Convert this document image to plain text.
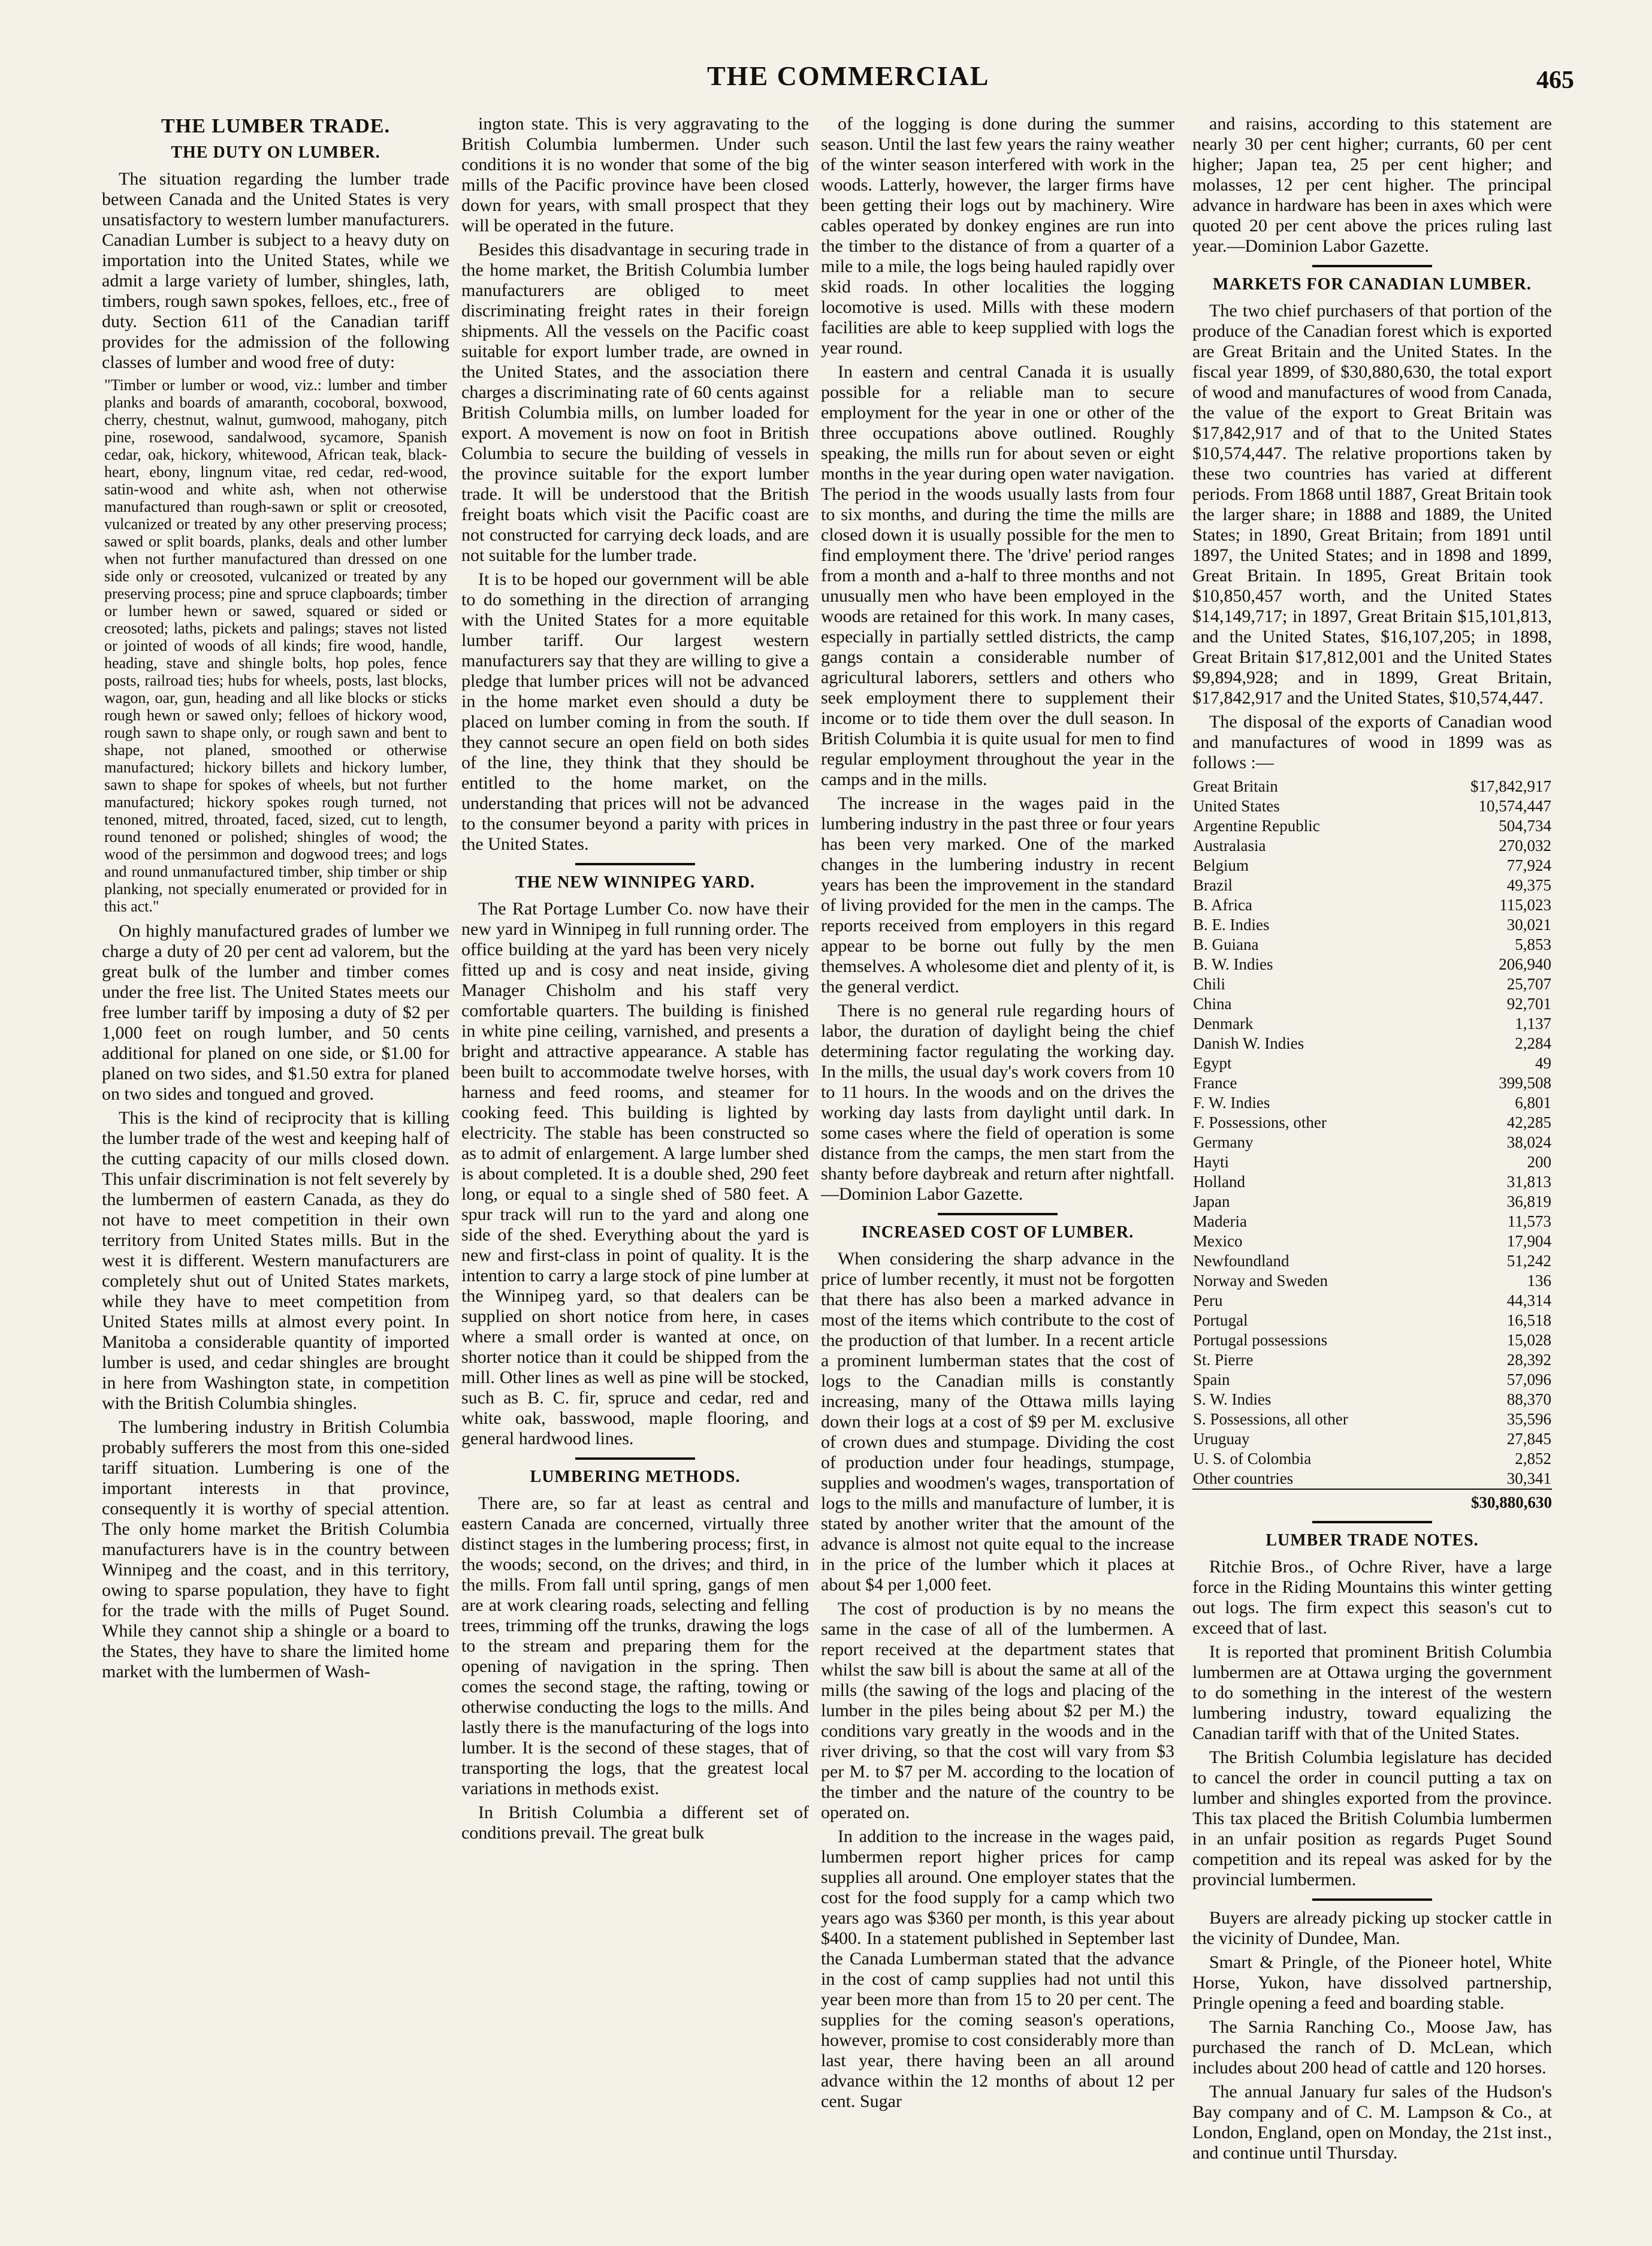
THE COMMERCIAL	465
THE LUMBER TRADE.
THE DUTY ON LUMBER.

The situation regarding the lumber trade between Canada and the United States is very unsatisfactory to western lumber manufacturers. Canadian Lumber is subject to a heavy duty on importation into the United States, while we admit a large variety of lumber, shingles, lath, timbers, rough sawn spokes, felloes, etc., free of duty. Section 611 of the Canadian tariff provides for the admission of the following classes of lumber and wood free of duty:

"Timber or lumber or wood, viz.: lumber and timber planks and boards of amaranth, cocoboral, boxwood, cherry, chestnut, walnut, gumwood, mahogany, pitch pine, rosewood, sandalwood, sycamore, Spanish cedar, oak, hickory, whitewood, African teak, black-heart, ebony, lingnum vitae, red cedar, red-wood, satin-wood and white ash, when not otherwise manufactured than rough-sawn or split or creosoted, vulcanized or treated by any other preserving process; sawed or split boards, planks, deals and other lumber when not further manufactured than dressed on one side only or creosoted, vulcanized or treated by any preserving process; pine and spruce clapboards; timber or lumber hewn or sawed, squared or sided or creosoted; laths, pickets and palings; staves not listed or jointed of woods of all kinds; fire wood, handle, heading, stave and shingle bolts, hop poles, fence posts, railroad ties; hubs for wheels, posts, last blocks, wagon, oar, gun, heading and all like blocks or sticks rough hewn or sawed only; felloes of hickory wood, rough sawn to shape only, or rough sawn and bent to shape, not planed, smoothed or otherwise manufactured; hickory billets and hickory lumber, sawn to shape for spokes of wheels, but not further manufactured; hickory spokes rough turned, not tenoned, mitred, throated, faced, sized, cut to length, round tenoned or polished; shingles of wood; the wood of the persimmon and dogwood trees; and logs and round unmanufactured timber, ship timber or ship planking, not specially enumerated or provided for in this act."

On highly manufactured grades of lumber we charge a duty of 20 per cent ad valorem, but the great bulk of the lumber and timber comes under the free list. The United States meets our free lumber tariff by imposing a duty of $2 per 1,000 feet on rough lumber, and 50 cents additional for planed on one side, or $1.00 for planed on two sides, and $1.50 extra for planed on two sides and tongued and groved.

This is the kind of reciprocity that is killing the lumber trade of the west and keeping half of the cutting capacity of our mills closed down. This unfair discrimination is not felt severely by the lumbermen of eastern Canada, as they do not have to meet competition in their own territory from United States mills. But in the west it is different. Western manufacturers are completely shut out of United States markets, while they have to meet competition from United States mills at almost every point. In Manitoba a considerable quantity of imported lumber is used, and cedar shingles are brought in here from Washington state, in competition with the British Columbia shingles.

The lumbering industry in British Columbia probably sufferers the most from this one-sided tariff situation. Lumbering is one of the important interests in that province, consequently it is worthy of special attention. The only home market the British Columbia manufacturers have is in the country between Winnipeg and the coast, and in this territory, owing to sparse population, they have to fight for the trade with the mills of Puget Sound. While they cannot ship a shingle or a board to the States, they have to share the limited home market with the lumbermen of Wash-

ington state. This is very aggravating to the British Columbia lumbermen. Under such conditions it is no wonder that some of the big mills of the Pacific province have been closed down for years, with small prospect that they will be operated in the future.

Besides this disadvantage in securing trade in the home market, the British Columbia lumber manufacturers are obliged to meet discriminating freight rates in their foreign shipments. All the vessels on the Pacific coast suitable for export lumber trade, are owned in the United States, and the association there charges a discriminating rate of 60 cents against British Columbia mills, on lumber loaded for export. A movement is now on foot in British Columbia to secure the building of vessels in the province suitable for the export lumber trade. It will be understood that the British freight boats which visit the Pacific coast are not constructed for carrying deck loads, and are not suitable for the lumber trade.

It is to be hoped our government will be able to do something in the direction of arranging with the United States for a more equitable lumber tariff. Our largest western manufacturers say that they are willing to give a pledge that lumber prices will not be advanced in the home market even should a duty be placed on lumber coming in from the south. If they cannot secure an open field on both sides of the line, they think that they should be entitled to the home market, on the understanding that prices will not be advanced to the consumer beyond a parity with prices in the United States.

THE NEW WINNIPEG YARD.

The Rat Portage Lumber Co. now have their new yard in Winnipeg in full running order. The office building at the yard has been very nicely fitted up and is cosy and neat inside, giving Manager Chisholm and his staff very comfortable quarters. The building is finished in white pine ceiling, varnished, and presents a bright and attractive appearance. A stable has been built to accommodate twelve horses, with harness and feed rooms, and steamer for cooking feed. This building is lighted by electricity. The stable has been constructed so as to admit of enlargement. A large lumber shed is about completed. It is a double shed, 290 feet long, or equal to a single shed of 580 feet. A spur track will run to the yard and along one side of the shed. Everything about the yard is new and first-class in point of quality. It is the intention to carry a large stock of pine lumber at the Winnipeg yard, so that dealers can be supplied on short notice from here, in cases where a small order is wanted at once, on shorter notice than it could be shipped from the mill. Other lines as well as pine will be stocked, such as B. C. fir, spruce and cedar, red and white oak, basswood, maple flooring, and general hardwood lines.

LUMBERING METHODS.

There are, so far at least as central and eastern Canada are concerned, virtually three distinct stages in the lumbering process; first, in the woods; second, on the drives; and third, in the mills. From fall until spring, gangs of men are at work clearing roads, selecting and felling trees, trimming off the trunks, drawing the logs to the stream and preparing them for the opening of navigation in the spring. Then comes the second stage, the rafting, towing or otherwise conducting the logs to the mills. And lastly there is the manufacturing of the logs into lumber. It is the second of these stages, that of transporting the logs, that the greatest local variations in methods exist.

In British Columbia a different set of conditions prevail. The great bulk

of the logging is done during the summer season. Until the last few years the rainy weather of the winter season interfered with work in the woods. Latterly, however, the larger firms have been getting their logs out by machinery. Wire cables operated by donkey engines are run into the timber to the distance of from a quarter of a mile to a mile, the logs being hauled rapidly over skid roads. In other localities the logging locomotive is used. Mills with these modern facilities are able to keep supplied with logs the year round.

In eastern and central Canada it is usually possible for a reliable man to secure employment for the year in one or other of the three occupations above outlined. Roughly speaking, the mills run for about seven or eight months in the year during open water navigation. The period in the woods usually lasts from four to six months, and during the time the mills are closed down it is usually possible for the men to find employment there. The 'drive' period ranges from a month and a-half to three months and not unusually men who have been employed in the woods are retained for this work. In many cases, especially in partially settled districts, the camp gangs contain a considerable number of agricultural laborers, settlers and others who seek employment there to supplement their income or to tide them over the dull season. In British Columbia it is quite usual for men to find regular employment throughout the year in the camps and in the mills.

The increase in the wages paid in the lumbering industry in the past three or four years has been very marked. One of the marked changes in the lumbering industry in recent years has been the improvement in the standard of living provided for the men in the camps. The reports received from employers in this regard appear to be borne out fully by the men themselves. A wholesome diet and plenty of it, is the general verdict.

There is no general rule regarding hours of labor, the duration of daylight being the chief determining factor regulating the working day. In the mills, the usual day's work covers from 10 to 11 hours. In the woods and on the drives the working day lasts from daylight until dark. In some cases where the field of operation is some distance from the camps, the men start from the shanty before daybreak and return after nightfall.—Dominion Labor Gazette.

INCREASED COST OF LUMBER.

When considering the sharp advance in the price of lumber recently, it must not be forgotten that there has also been a marked advance in most of the items which contribute to the cost of the production of that lumber. In a recent article a prominent lumberman states that the cost of logs to the Canadian mills is constantly increasing, many of the Ottawa mills laying down their logs at a cost of $9 per M. exclusive of crown dues and stumpage. Dividing the cost of production under four headings, stumpage, supplies and woodmen's wages, transportation of logs to the mills and manufacture of lumber, it is stated by another writer that the amount of the advance is almost not quite equal to the increase in the price of the lumber which it places at about $4 per 1,000 feet.

The cost of production is by no means the same in the case of all of the lumbermen. A report received at the department states that whilst the saw bill is about the same at all of the mills (the sawing of the logs and placing of the lumber in the piles being about $2 per M.) the conditions vary greatly in the woods and in the river driving, so that the cost will vary from $3 per M. to $7 per M. according to the location of the timber and the nature of the country to be operated on.

In addition to the increase in the wages paid, lumbermen report higher prices for camp supplies all around. One employer states that the cost for the food supply for a camp which two years ago was $360 per month, is this year about $400. In a statement published in September last the Canada Lumberman stated that the advance in the cost of camp supplies had not until this year been more than from 15 to 20 per cent. The supplies for the coming season's operations, however, promise to cost considerably more than last year, there having been an all around advance within the 12 months of about 12 per cent. Sugar

and raisins, according to this statement are nearly 30 per cent higher; currants, 60 per cent higher; Japan tea, 25 per cent higher; and molasses, 12 per cent higher. The principal advance in hardware has been in axes which were quoted 20 per cent above the prices ruling last year.—Dominion Labor Gazette.

MARKETS FOR CANADIAN LUMBER.

The two chief purchasers of that portion of the produce of the Canadian forest which is exported are Great Britain and the United States. In the fiscal year 1899, of $30,880,630, the total export of wood and manufactures of wood from Canada, the value of the export to Great Britain was $17,842,917 and of that to the United States $10,574,447. The relative proportions taken by these two countries has varied at different periods. From 1868 until 1887, Great Britain took the larger share; in 1888 and 1889, the United States; in 1890, Great Britain; from 1891 until 1897, the United States; and in 1898 and 1899, Great Britain. In 1895, Great Britain took $10,850,457 worth, and the United States $14,149,717; in 1897, Great Britain $15,101,813, and the United States, $16,107,205; in 1898, Great Britain $17,812,001 and the United States $9,894,928; and in 1899, Great Britain, $17,842,917 and the United States, $10,574,447.

The disposal of the exports of Canadian wood and manufactures of wood in 1899 was as follows :—

Great Britain	$17,842,917
United States	10,574,447
Argentine Republic	504,734
Australasia	270,032
Belgium	77,924
Brazil	49,375
B. Africa	115,023
B. E. Indies	30,021
B. Guiana	5,853
B. W. Indies	206,940
Chili	25,707
China	92,701
Denmark	1,137
Danish W. Indies	2,284
Egypt	49
France	399,508
F. W. Indies	6,801
F. Possessions, other	42,285
Germany	38,024
Hayti	200
Holland	31,813
Japan	36,819
Maderia	11,573
Mexico	17,904
Newfoundland	51,242
Norway and Sweden	136
Peru	44,314
Portugal	16,518
Portugal possessions	15,028
St. Pierre	28,392
Spain	57,096
S. W. Indies	88,370
S. Possessions, all other	35,596
Uruguay	27,845
U. S. of Colombia	2,852
Other countries	30,341
$30,880,630
LUMBER TRADE NOTES.

Ritchie Bros., of Ochre River, have a large force in the Riding Mountains this winter getting out logs. The firm expect this season's cut to exceed that of last.

It is reported that prominent British Columbia lumbermen are at Ottawa urging the government to do something in the interest of the western lumbering industry, toward equalizing the Canadian tariff with that of the United States.

The British Columbia legislature has decided to cancel the order in council putting a tax on lumber and shingles exported from the province. This tax placed the British Columbia lumbermen in an unfair position as regards Puget Sound competition and its repeal was asked for by the provincial lumbermen.

Buyers are already picking up stocker cattle in the vicinity of Dundee, Man.

Smart & Pringle, of the Pioneer hotel, White Horse, Yukon, have dissolved partnership, Pringle opening a feed and boarding stable.

The Sarnia Ranching Co., Moose Jaw, has purchased the ranch of D. McLean, which includes about 200 head of cattle and 120 horses.

The annual January fur sales of the Hudson's Bay company and of C. M. Lampson & Co., at London, England, open on Monday, the 21st inst., and continue until Thursday.
